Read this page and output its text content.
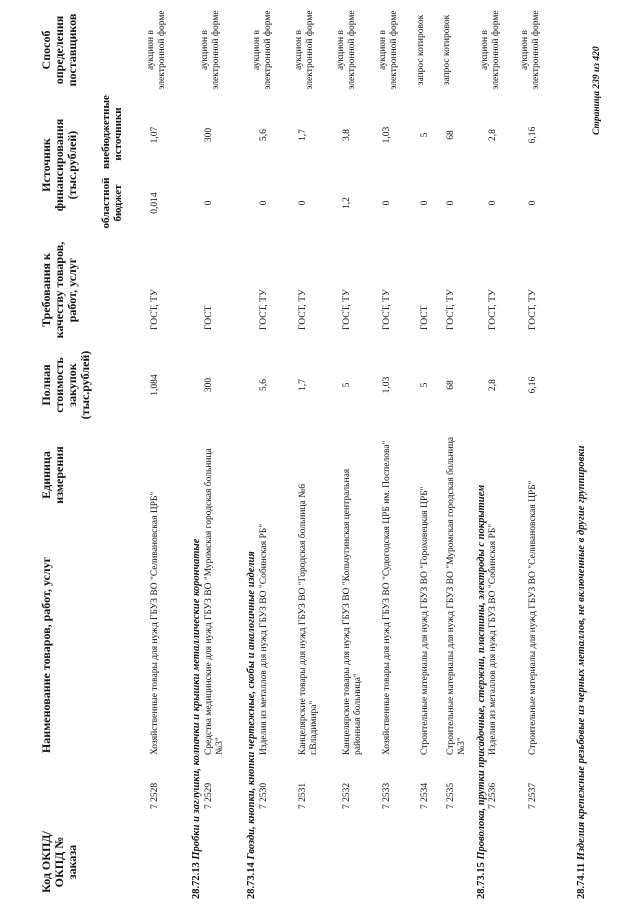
Код ОКПД/ ОКПД № заказа
Наименование товаров, работ, услуг
Единица измерения
Полная стоимость закупок (тыс.рублей)
Требования к качеству товаров, работ, услуг
Источник финансирования (тыс.рублей)
областной бюджет
внебюджетные источники
Способ определения поставщиков
7 2528
Хозяйственные товары для нужд ГБУЗ ВО "Селивановская ЦРБ"
1,084
ГОСТ, ТУ
0,014
1,07
аукцион в электронной форме
28.72.13 Пробки и заглушки, колпачки и крышки металлические корончатые 7 2529
Средства медицинские для нужд ГБУЗ ВО "Муромская городская больница №3"
300
ГОСТ
0
300
аукцион в электронной форме
28.73.14 Гвозди, кнопки, кнопки чертежные, скобы и аналогичные изделия 7 2530
Изделия из металлов для нужд ГБУЗ ВО "Собинская РБ"
5,6
ГОСТ, ТУ
0
5,6
аукцион в электронной форме
7 2531
Канцелярские товары для нужд ГБУЗ ВО "Городская больница №6 г.Владимира"
1,7
ГОСТ, ТУ
0
1,7
аукцион в электронной форме
7 2532
Канцелярские товары для нужд ГБУЗ ВО "Кольчугинская центральная районная больница"
5
ГОСТ, ТУ
1,2
3,8
аукцион в электронной форме
7 2533
Хозяйственные товары для нужд ГБУЗ ВО "Судогодская ЦРБ им. Поспелова"
1,03
ГОСТ, ТУ
0
1,03
аукцион в электронной форме
7 2534
Строительные материалы для нужд ГБУЗ ВО "Гороховецкая ЦРБ"
5
ГОСТ
0
5
запрос котировок
7 2535
Строительные материалы для нужд ГБУЗ ВО "Муромская городская больница №3"
68
ГОСТ, ТУ
0
68
запрос котировок
28.73.15 Проволока, прутки присадочные, стержни, пластины, электроды с покрытием 7 2536
Изделия из металлов для нужд ГБУЗ ВО "Собинская РБ"
2,8
ГОСТ, ТУ
0
2,8
аукцион в электронной форме
7 2537
Строительные материалы для нужд ГБУЗ ВО "Селивановская ЦРБ"
6,16
ГОСТ, ТУ
0
6,16
аукцион в электронной форме
28.74.11 Изделия крепежные резьбовые из черных металлов, не включенные в другие группировки
Страница 239 из 420
